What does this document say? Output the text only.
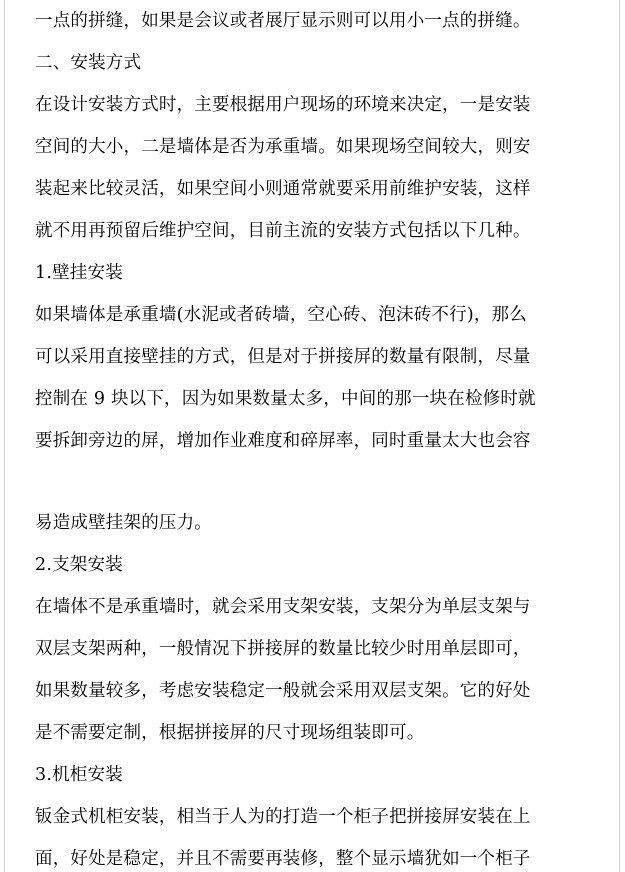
一点的拼缝，如果是会议或者展厅显示则可以用小一点的拼缝。
二、安装方式
在设计安装方式时，主要根据用户现场的环境来决定，一是安装
空间的大小，二是墙体是否为承重墙。如果现场空间较大，则安
装起来比较灵活，如果空间小则通常就要采用前维护安装，这样
就不用再预留后维护空间，目前主流的安装方式包括以下几种。
1.壁挂安装
如果墙体是承重墙(水泥或者砖墙，空心砖、泡沫砖不行)，那么
可以采用直接壁挂的方式，但是对于拼接屏的数量有限制，尽量
控制在 9 块以下，因为如果数量太多，中间的那一块在检修时就
要拆卸旁边的屏，增加作业难度和碎屏率，同时重量太大也会容
易造成壁挂架的压力。
2.支架安装
在墙体不是承重墙时，就会采用支架安装，支架分为单层支架与
双层支架两种，一般情况下拼接屏的数量比较少时用单层即可，
如果数量较多，考虑安装稳定一般就会采用双层支架。它的好处
是不需要定制，根据拼接屏的尺寸现场组装即可。
3.机柜安装
钣金式机柜安装，相当于人为的打造一个柜子把拼接屏安装在上
面，好处是稳定，并且不需要再装修，整个显示墙犹如一个柜子
